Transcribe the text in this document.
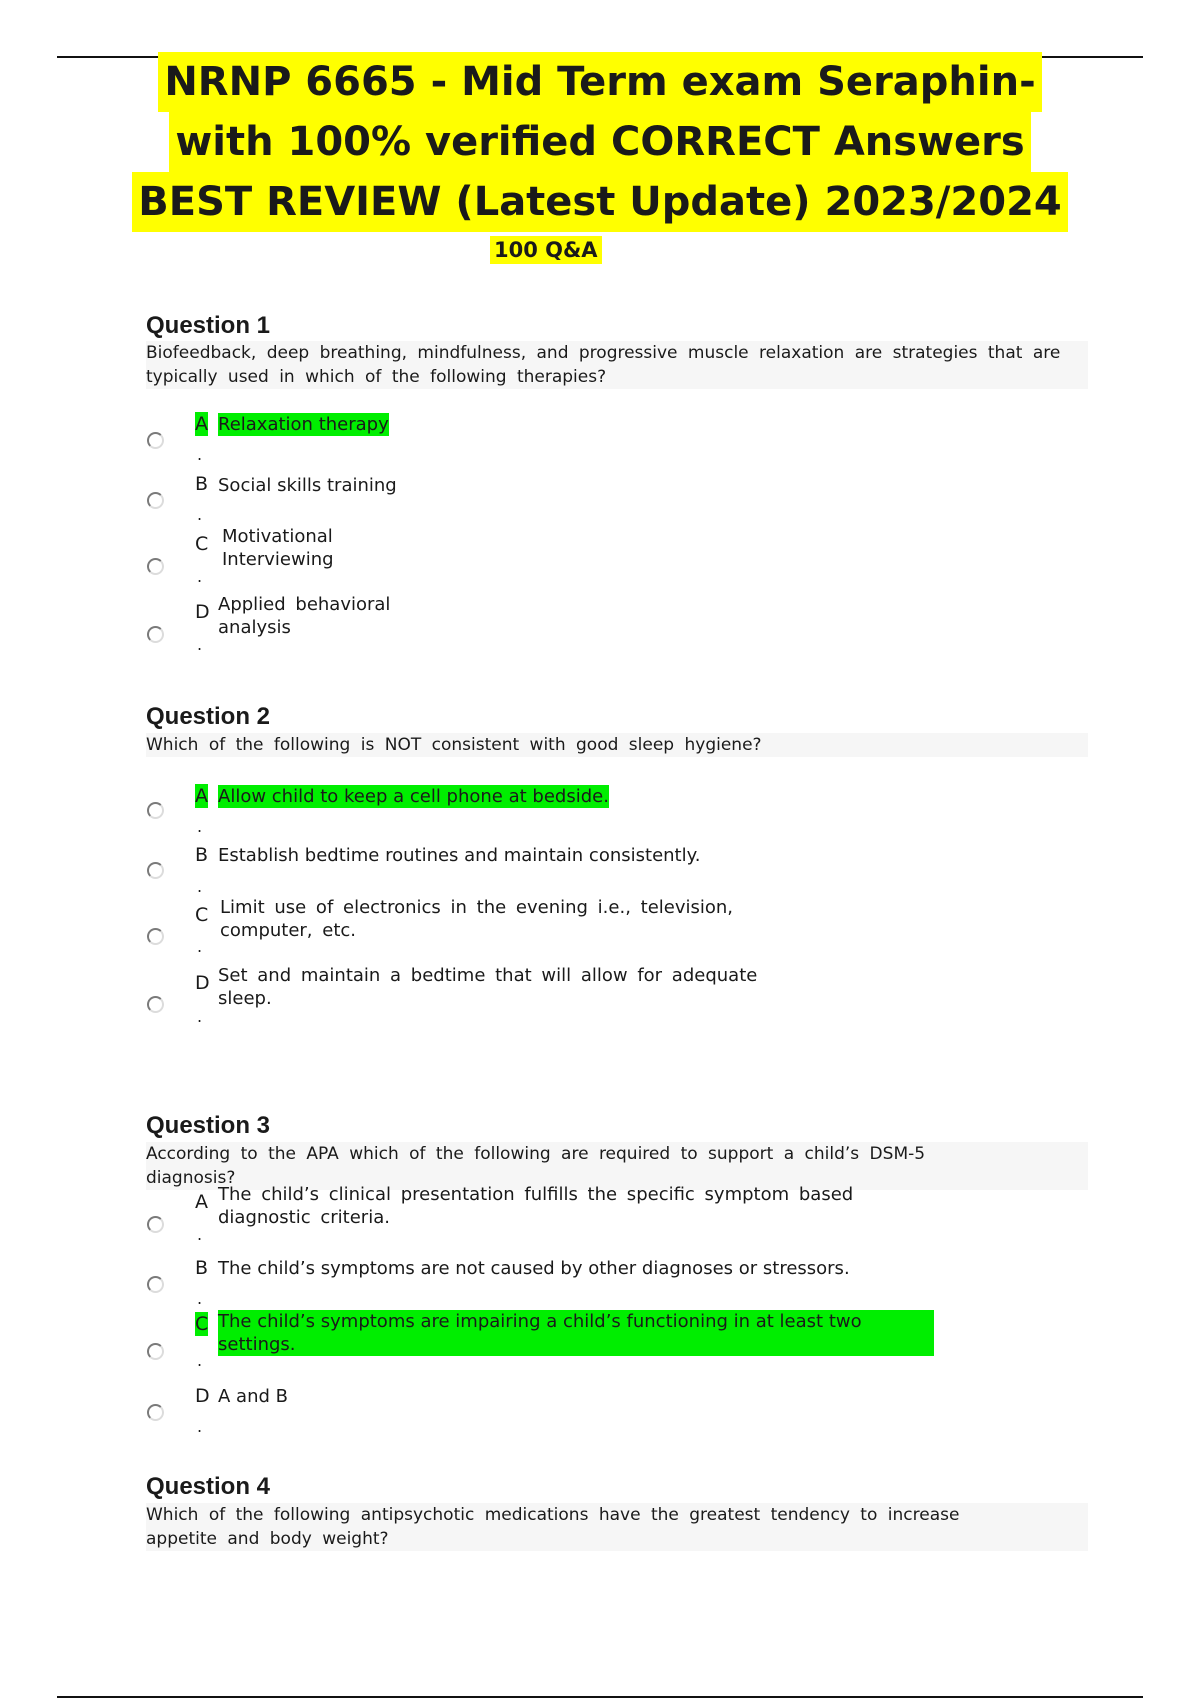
NRNP 6665 - Mid Term exam Seraphin-
with 100% verified CORRECT Answers
BEST REVIEW (Latest Update) 2023/2024
100 Q&A
Question 1
Biofeedback, deep breathing, mindfulness, and progressive muscle relaxation are strategies that are typically used in which of the following therapies?
A Relaxation therapy
.
B Social skills training
.
C Motivational Interviewing
.
D Applied behavioral analysis
.
Question 2
Which of the following is NOT consistent with good sleep hygiene?
A Allow child to keep a cell phone at bedside.
.
B Establish bedtime routines and maintain consistently.
.
C Limit use of electronics in the evening i.e., television, computer, etc.
.
D Set and maintain a bedtime that will allow for adequate sleep.
.
Question 3
According to the APA which of the following are required to support a child’s DSM-5 diagnosis?
A The child’s clinical presentation fulfills the specific symptom based diagnostic criteria.
.
B The child’s symptoms are not caused by other diagnoses or stressors.
.
C The child’s symptoms are impairing a child’s functioning in at least two settings.
.
D A and B
.
Question 4
Which of the following antipsychotic medications have the greatest tendency to increase appetite and body weight?
